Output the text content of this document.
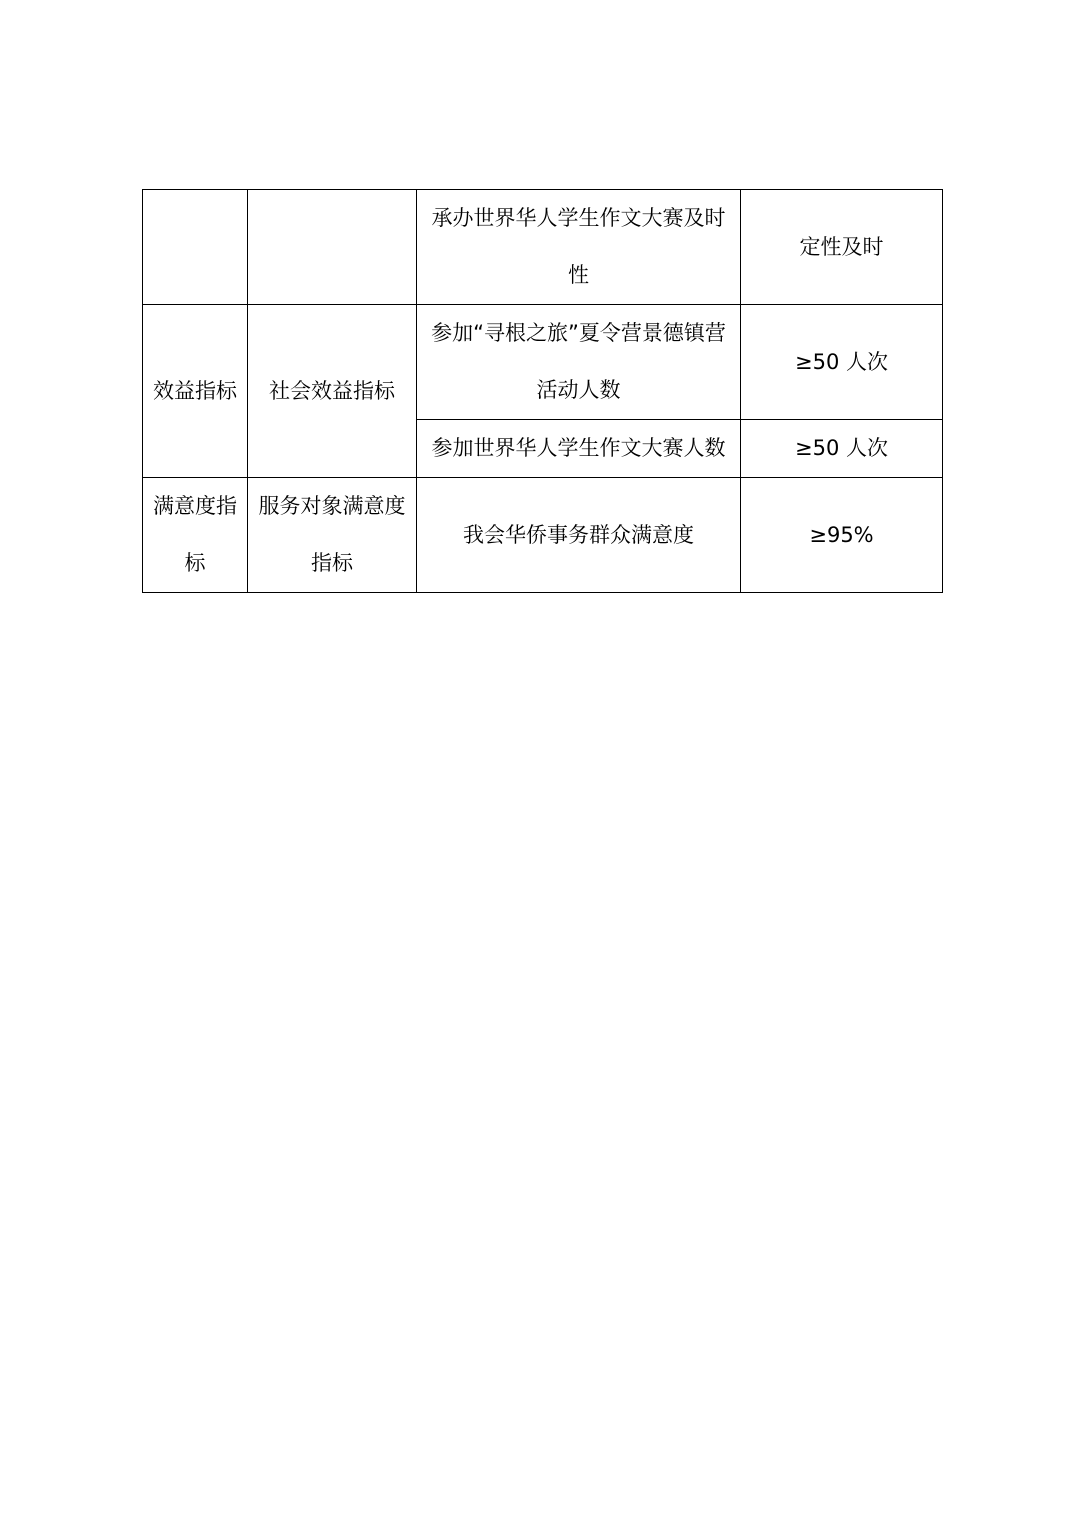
		承办世界华人学生作文大赛及时性	定性及时
效益指标	社会效益指标	参加“寻根之旅”夏令营景德镇营活动人数	≥50 人次
		参加世界华人学生作文大赛人数	≥50 人次
满意度指标	服务对象满意度指标	我会华侨事务群众满意度	≥95%
